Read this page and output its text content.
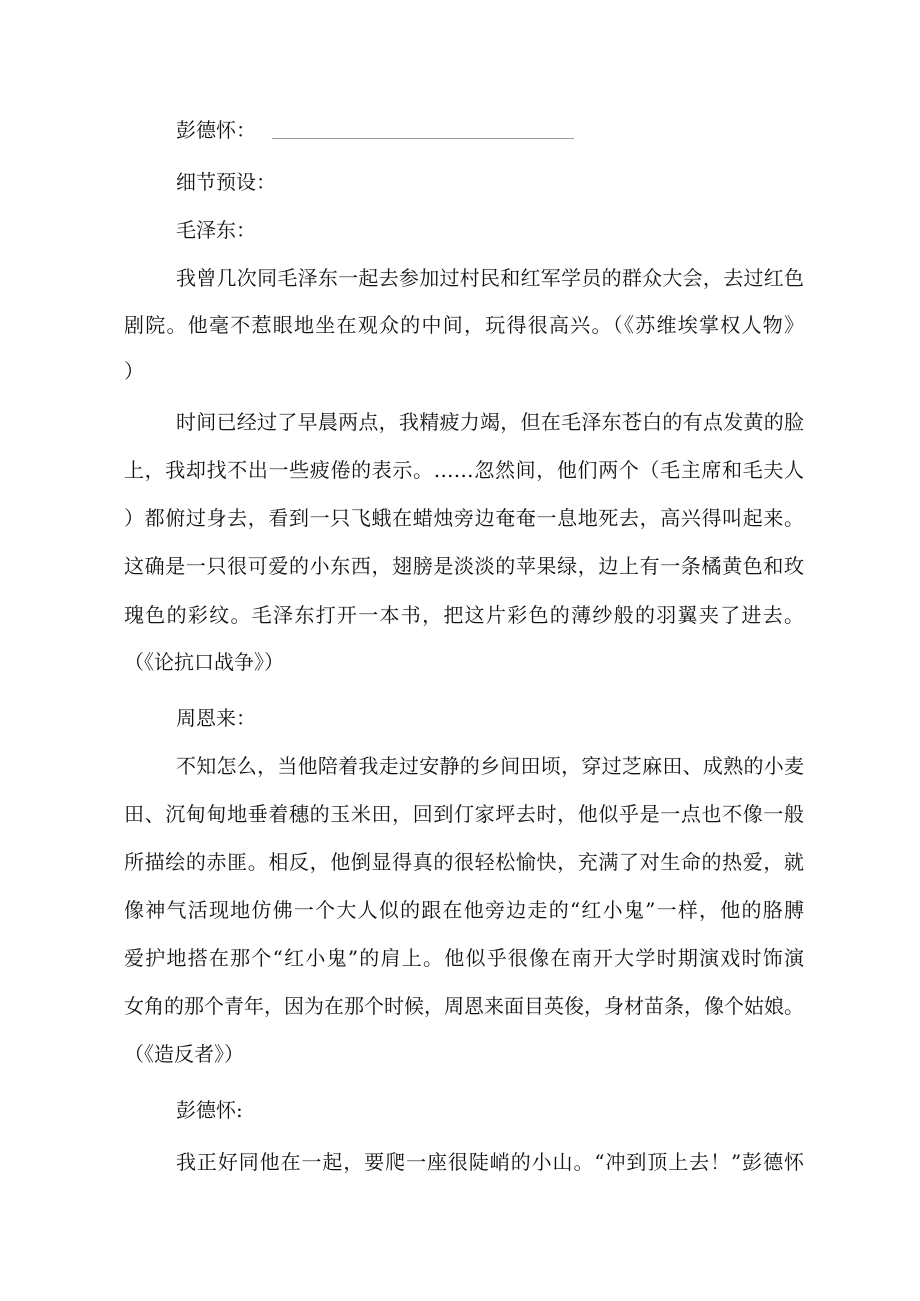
彭德怀：
细节预设：
毛泽东：
我曾几次同毛泽东一起去参加过村民和红军学员的群众大会，去过红色
剧院。他毫不惹眼地坐在观众的中间，玩得很高兴。（《苏维埃掌权人物》
）
时间已经过了早晨两点，我精疲力竭，但在毛泽东苍白的有点发黄的脸
上，我却找不出一些疲倦的表示。……忽然间，他们两个（毛主席和毛夫人
）都俯过身去，看到一只飞蛾在蜡烛旁边奄奄一息地死去，高兴得叫起来。
这确是一只很可爱的小东西，翅膀是淡淡的苹果绿，边上有一条橘黄色和玫
瑰色的彩纹。毛泽东打开一本书，把这片彩色的薄纱般的羽翼夹了进去。
（《论抗口战争》）
周恩来：
不知怎么，当他陪着我走过安静的乡间田顷，穿过芝麻田、成熟的小麦
田、沉甸甸地垂着穗的玉米田，回到仃家坪去时，他似乎是一点也不像一般
所描绘的赤匪。相反，他倒显得真的很轻松愉快，充满了对生命的热爱，就
像神气活现地仿佛一个大人似的跟在他旁边走的“红小鬼”一样，他的胳膊
爱护地搭在那个“红小鬼”的肩上。他似乎很像在南开大学时期演戏时饰演
女角的那个青年，因为在那个时候，周恩来面目英俊，身材苗条，像个姑娘。
（《造反者》）
彭德怀:
我正好同他在一起，要爬一座很陡峭的小山。“冲到顶上去！”彭德怀
